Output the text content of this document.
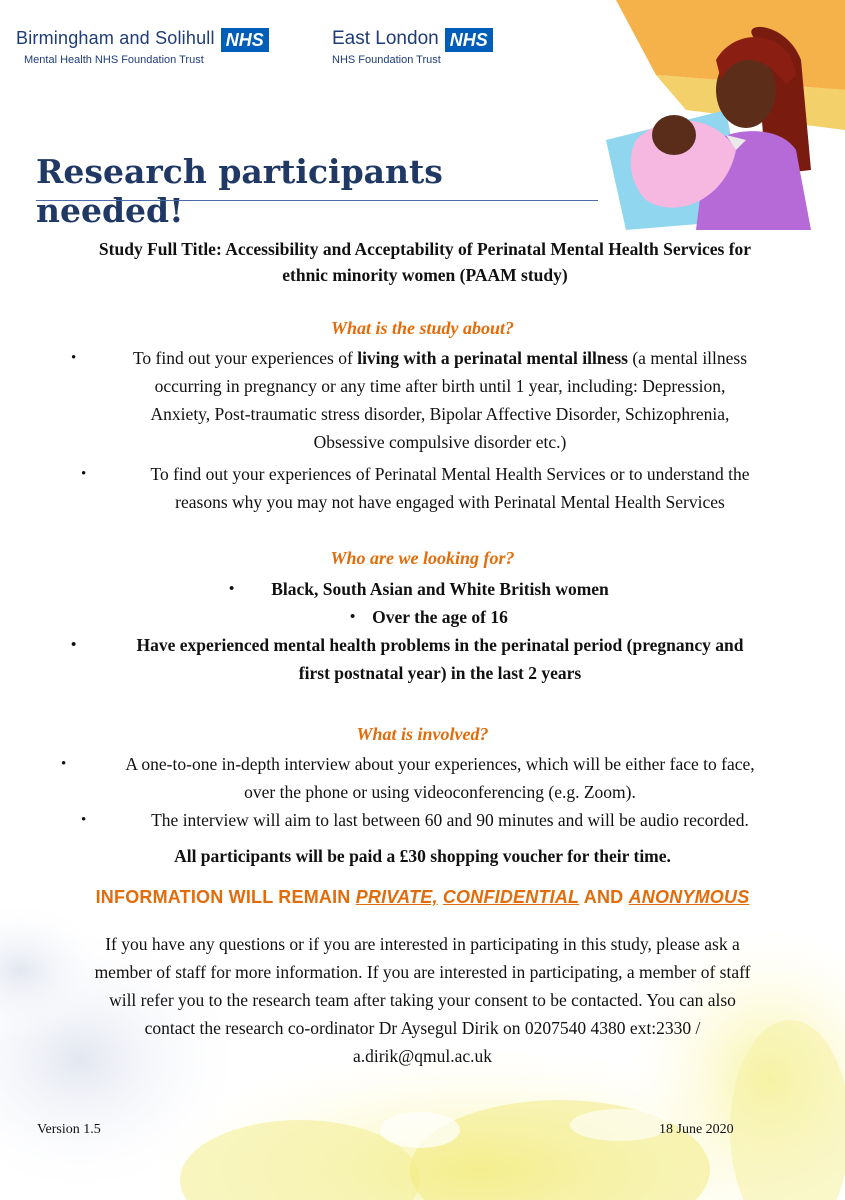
Birmingham and Solihull NHS
Mental Health NHS Foundation Trust
East London NHS
NHS Foundation Trust
Research participants needed!
Study Full Title: Accessibility and Acceptability of Perinatal Mental Health Services for
ethnic minority women (PAAM study)
What is the study about?
•	To find out your experiences of living with a perinatal mental illness (a mental illness
occurring in pregnancy or any time after birth until 1 year, including: Depression,
Anxiety, Post-traumatic stress disorder, Bipolar Affective Disorder, Schizophrenia,
Obsessive compulsive disorder etc.)
•	To find out your experiences of Perinatal Mental Health Services or to understand the
reasons why you may not have engaged with Perinatal Mental Health Services
Who are we looking for?
•	Black, South Asian and White British women
• Over the age of 16
•	Have experienced mental health problems in the perinatal period (pregnancy and
first postnatal year) in the last 2 years
What is involved?
•	A one-to-one in-depth interview about your experiences, which will be either face to face,
over the phone or using videoconferencing (e.g. Zoom).
•	The interview will aim to last between 60 and 90 minutes and will be audio recorded.
All participants will be paid a £30 shopping voucher for their time.
INFORMATION WILL REMAIN PRIVATE, CONFIDENTIAL AND ANONYMOUS
If you have any questions or if you are interested in participating in this study, please ask a
member of staff for more information. If you are interested in participating, a member of staff
will refer you to the research team after taking your consent to be contacted. You can also
contact the research co-ordinator Dr Aysegul Dirik on 0207540 4380 ext:2330 /
a.dirik@qmul.ac.uk
Version 1.5	18 June 2020
